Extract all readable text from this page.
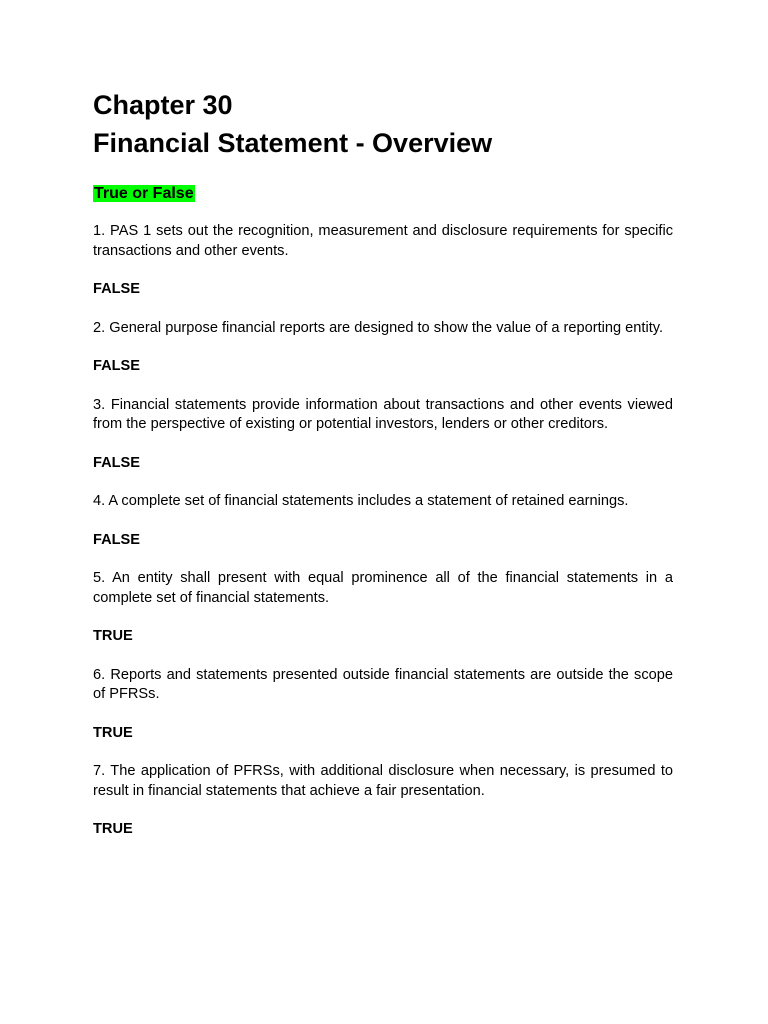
Chapter 30
Financial Statement - Overview
True or False

1. PAS 1 sets out the recognition, measurement and disclosure requirements for specific transactions and other events.

FALSE

2. General purpose financial reports are designed to show the value of a reporting entity.

FALSE

3. Financial statements provide information about transactions and other events viewed from the perspective of existing or potential investors, lenders or other creditors.

FALSE

4. A complete set of financial statements includes a statement of retained earnings.

FALSE

5. An entity shall present with equal prominence all of the financial statements in a complete set of financial statements.

TRUE

6. Reports and statements presented outside financial statements are outside the scope of PFRSs.

TRUE

7. The application of PFRSs, with additional disclosure when necessary, is presumed to result in financial statements that achieve a fair presentation.

TRUE
